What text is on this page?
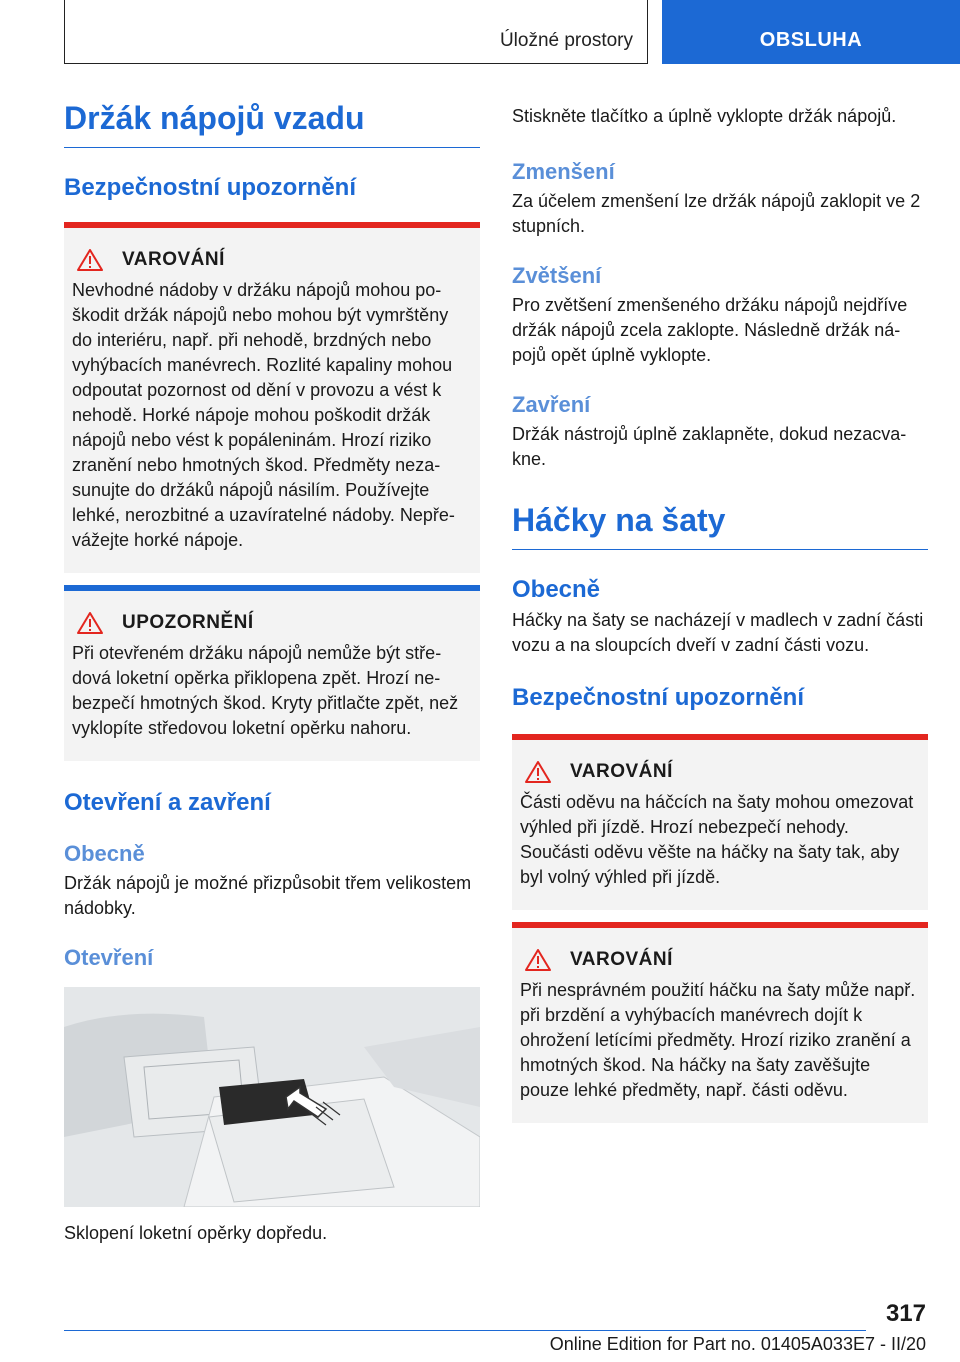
Úložné prostory	OBSLUHA
Držák nápojů vzadu
Bezpečnostní upozornění
VAROVÁNÍ

Nevhodné nádoby v držáku nápojů mohou poškodit držák nápojů nebo mohou být vymrštěny do interiéru, např. při nehodě, brzdných nebo vyhýbacích manévrech. Rozlité kapaliny mohou odpoutat pozornost od dění v provozu a vést k nehodě. Horké nápoje mohou poškodit držák nápojů nebo vést k popáleninám. Hrozí riziko zranění nebo hmotných škod. Předměty nezasunujte do držáků nápojů násilím. Používejte lehké, nerozbitné a uzavíratelné nádoby. Nepřevážejte horké nápoje.

UPOZORNĚNÍ

Při otevřeném držáku nápojů nemůže být středová loketní opěrka přiklopena zpět. Hrozí nebezpečí hmotných škod. Kryty přitlačte zpět, než vyklopíte středovou loketní opěrku nahoru.

Otevření a zavření
Obecně

Držák nápojů je možné přizpůsobit třem velikostem nádobky.

Otevření

Sklopení loketní opěrky dopředu.

Stiskněte tlačítko a úplně vyklopte držák nápojů.

Zmenšení

Za účelem zmenšení lze držák nápojů zaklopit ve 2 stupních.

Zvětšení

Pro zvětšení zmenšeného držáku nápojů nejdříve držák nápojů zcela zaklopte. Následně držák nápojů opět úplně vyklopte.

Zavření

Držák nástrojů úplně zaklapněte, dokud nezacvakne.

Háčky na šaty
Obecně

Háčky na šaty se nacházejí v madlech v zadní části vozu a na sloupcích dveří v zadní části vozu.

Bezpečnostní upozornění
VAROVÁNÍ

Části oděvu na háčcích na šaty mohou omezovat výhled při jízdě. Hrozí nebezpečí nehody. Součásti oděvu věšte na háčky na šaty tak, aby byl volný výhled při jízdě.

VAROVÁNÍ

Při nesprávném použití háčku na šaty může např. při brzdění a vyhýbacích manévrech dojít k ohrožení letícími předměty. Hrozí riziko zranění a hmotných škod. Na háčky na šaty zavěšujte pouze lehké předměty, např. části oděvu.

317
Online Edition for Part no. 01405A033E7 - II/20
